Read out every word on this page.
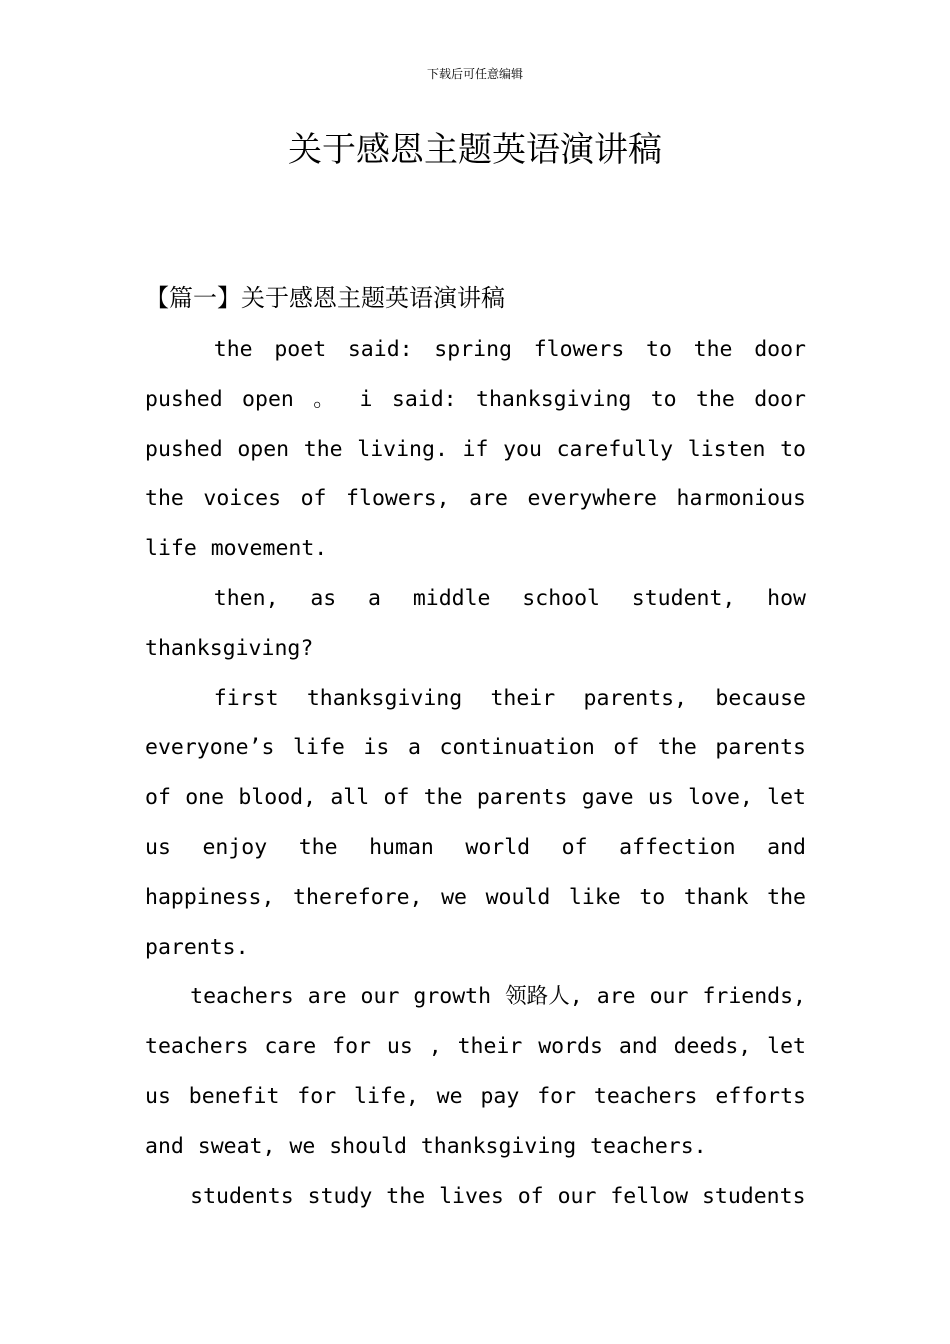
下载后可任意编辑
关于感恩主题英语演讲稿
【篇一】关于感恩主题英语演讲稿

the poet said: spring flowers to the door pushed open 。 i said: thanksgiving to the door pushed open the living. if you carefully listen to the voices of flowers, are everywhere harmonious life movement.

then, as a middle school student, how thanksgiving?

first thanksgiving their parents, because everyone’s life is a continuation of the parents of one blood, all of the parents gave us love, let us enjoy the human world of affection and happiness, therefore, we would like to thank the parents.

teachers are our growth 领路人, are our friends, teachers care for us , their words and deeds, let us benefit for life, we pay for teachers efforts and sweat, we should thanksgiving teachers.

students study the lives of our fellow students
